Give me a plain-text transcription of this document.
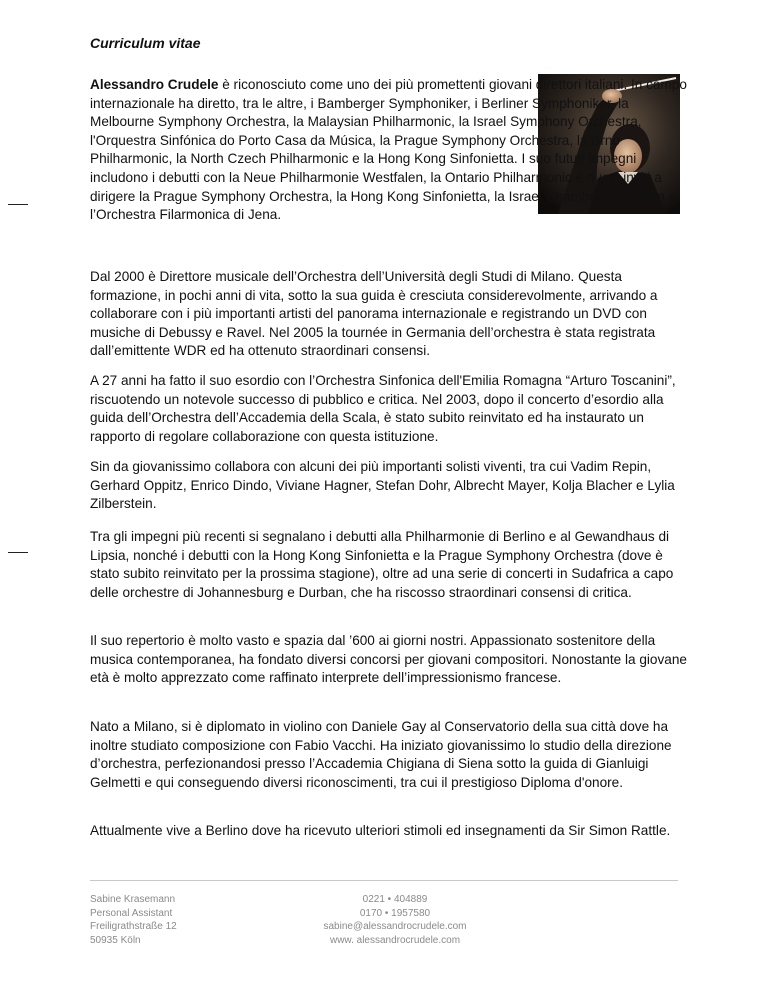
Curriculum vitae

Alessandro Crudele è riconosciuto come uno dei più promettenti giovani direttori italiani. In campo internazionale ha diretto, tra le altre, i Bamberger Symphoniker, i Berliner Symphoniker, la Melbourne Symphony Orchestra, la Malaysian Philharmonic, la Israel Symphony Orchestra, l'Orquestra Sinfónica do Porto Casa da Música, la Prague Symphony Orchestra, la Brno Philharmonic, la North Czech Philharmonic e la Hong Kong Sinfonietta. I suo futuri impegni includono i debutti con la Neue Philharmonie Westfalen, la Ontario Philharmonic e nuovi inviti a dirigere la Prague Symphony Orchestra, la Hong Kong Sinfonietta, la Israel Chamber Orchestra e l’Orchestra Filarmonica di Jena.

Dal 2000 è Direttore musicale dell’Orchestra dell’Università degli Studi di Milano. Questa formazione, in pochi anni di vita, sotto la sua guida è cresciuta considerevolmente, arrivando a collaborare con i più importanti artisti del panorama internazionale e registrando un DVD con musiche di Debussy e Ravel. Nel 2005 la tournée in Germania dell’orchestra è stata registrata dall’emittente WDR ed ha ottenuto straordinari consensi.

A 27 anni ha fatto il suo esordio con l’Orchestra Sinfonica dell'Emilia Romagna “Arturo Toscanini”, riscuotendo un notevole successo di pubblico e critica. Nel 2003, dopo il concerto d’esordio alla guida dell’Orchestra dell’Accademia della Scala, è stato subito reinvitato ed ha instaurato un rapporto di regolare collaborazione con questa istituzione.

Sin da giovanissimo collabora con alcuni dei più importanti solisti viventi, tra cui Vadim Repin, Gerhard Oppitz, Enrico Dindo, Viviane Hagner, Stefan Dohr, Albrecht Mayer, Kolja Blacher e Lylia Zilberstein.

Tra gli impegni più recenti si segnalano i debutti alla Philharmonie di Berlino e al Gewandhaus di Lipsia, nonché i debutti con la Hong Kong Sinfonietta e la Prague Symphony Orchestra (dove è stato subito reinvitato per la prossima stagione), oltre ad una serie di concerti in Sudafrica a capo delle orchestre di Johannesburg e Durban, che ha riscosso straordinari consensi di critica.

Il suo repertorio è molto vasto e spazia dal ’600 ai giorni nostri. Appassionato sostenitore della musica contemporanea, ha fondato diversi concorsi per giovani compositori. Nonostante la giovane età è molto apprezzato come raffinato interprete dell’impressionismo francese.

Nato a Milano, si è diplomato in violino con Daniele Gay al Conservatorio della sua città dove ha inoltre studiato composizione con Fabio Vacchi. Ha iniziato giovanissimo lo studio della direzione d’orchestra, perfezionandosi presso l’Accademia Chigiana di Siena sotto la guida di Gianluigi Gelmetti e qui conseguendo diversi riconoscimenti, tra cui il prestigioso Diploma d'onore.

Attualmente vive a Berlino dove ha ricevuto ulteriori stimoli ed insegnamenti da Sir Simon Rattle.

Sabine Krasemann
Personal Assistant
Freiligrathstraße 12
50935 Köln
0221 • 404889
0170 • 1957580
sabine@alessandrocrudele.com
www. alessandrocrudele.com
